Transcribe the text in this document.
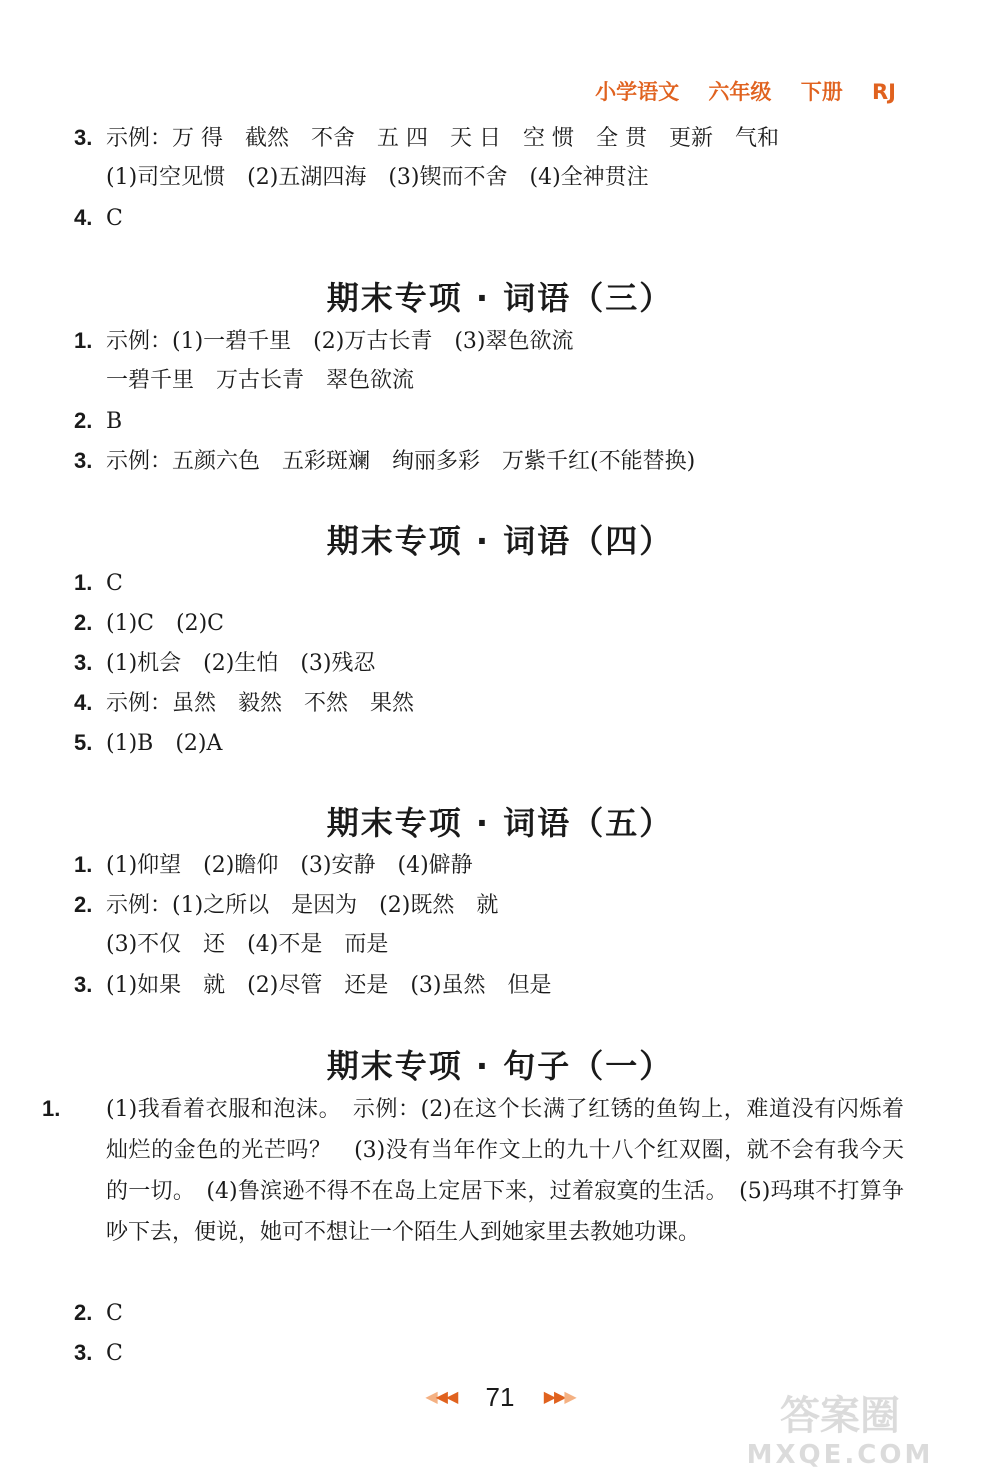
小学语文 六年级 下册 RJ
3. 示例：万 得　截然　不舍　五 四　天 日　空 惯　全 贯　更新　气和
(1)司空见惯　(2)五湖四海　(3)锲而不舍　(4)全神贯注
4. C
期末专项 · 词语（三）
1. 示例：(1)一碧千里　(2)万古长青　(3)翠色欲流
一碧千里　万古长青　翠色欲流
2. B
3. 示例：五颜六色　五彩斑斓　绚丽多彩　万紫千红(不能替换)
期末专项 · 词语（四）
1. C
2. (1)C　(2)C
3. (1)机会　(2)生怕　(3)残忍
4. 示例：虽然　毅然　不然　果然
5. (1)B　(2)A
期末专项 · 词语（五）
1. (1)仰望　(2)瞻仰　(3)安静　(4)僻静
2. 示例：(1)之所以　是因为　(2)既然　就
(3)不仅　还　(4)不是　而是
3. (1)如果　就　(2)尽管　还是　(3)虽然　但是
期末专项 · 句子（一）
1. (1)我看着衣服和泡沫。　示例：(2)在这个长满了红锈的鱼钩上，难道没有闪烁着灿烂的金色的光芒吗？　(3)没有当年作文上的九十八个红双圈，就不会有我今天的一切。　(4)鲁滨逊不得不在岛上定居下来，过着寂寞的生活。　(5)玛琪不打算争吵下去，便说，她可不想让一个陌生人到她家里去教她功课。
2. C
3. C
◀◀◀ 71 ▶▶▶	答案圈
MXQE.COM
